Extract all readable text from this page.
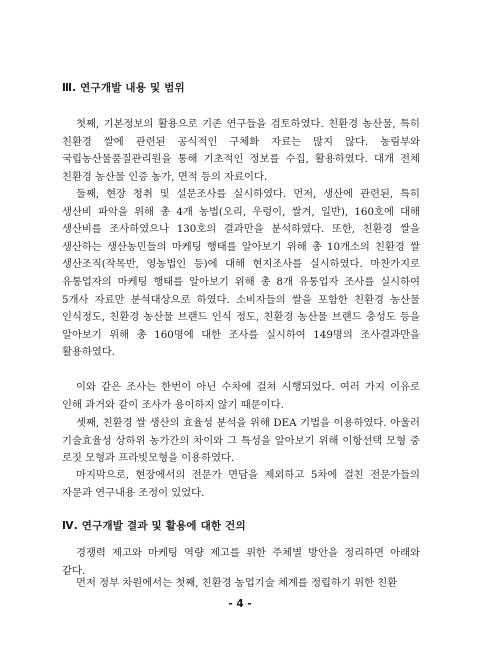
Ⅲ. 연구개발 내용 및 범위

첫째, 기본정보의 활용으로 기존 연구들을 검토하였다. 친환경 농산물, 특히 친환경 쌀에 관련된 공식적인 구체화 자료는 많지 않다. 농림부와 국립농산물품질관리원을 통해 기초적인 정보를 수집, 활용하였다. 대개 전체 친환경 농산물 인증 농가, 면적 등의 자료이다.

둘째, 현장 청취 및 설문조사를 실시하였다. 먼저, 생산에 관련된, 특히 생산비 파악을 위해 총 4개 농법(오리, 우렁이, 쌀겨, 일반), 160호에 대해 생산비를 조사하였으나 130호의 결과만을 분석하였다. 또한, 친환경 쌀을 생산하는 생산농민들의 마케팅 행태를 알아보기 위해 총 10개소의 친환경 쌀 생산조직(작목반, 영농법인 등)에 대해 현지조사를 실시하였다. 마찬가지로 유통업자의 마케팅 행태를 알아보기 위해 총 8개 유통업자 조사를 실시하여 5개사 자료만 분석대상으로 하였다. 소비자들의 쌀을 포함한 친환경 농산물 인식정도, 친환경 농산물 브랜드 인식 정도, 친환경 농산물 브랜드 충성도 등을 알아보기 위해 총 160명에 대한 조사를 실시하여 149명의 조사결과만을 활용하였다.

이와 같은 조사는 한번이 아닌 수차에 걸쳐 시행되었다. 여러 가지 이유로 인해 과거와 같이 조사가 용이하지 않기 때문이다.

셋째, 친환경 쌀 생산의 효율성 분석을 위해 DEA 기법을 이용하였다. 아울러 기술효율성 상하위 농가간의 차이와 그 특성을 알아보기 위해 이항선택 모형 중 로짓 모형과 프라빗모형을 이용하였다.

마지막으로, 현장에서의 전문가 면담을 제외하고 5차에 걸친 전문가들의 자문과 연구내용 조정이 있었다.

Ⅳ. 연구개발 결과 및 활용에 대한 건의

경쟁력 제고와 마케팅 역량 제고를 위한 주체별 방안을 정리하면 아래와 같다.

먼저 정부 차원에서는 첫째, 친환경 농업기술 체계를 정립하기 위한 친환

- 4 -
